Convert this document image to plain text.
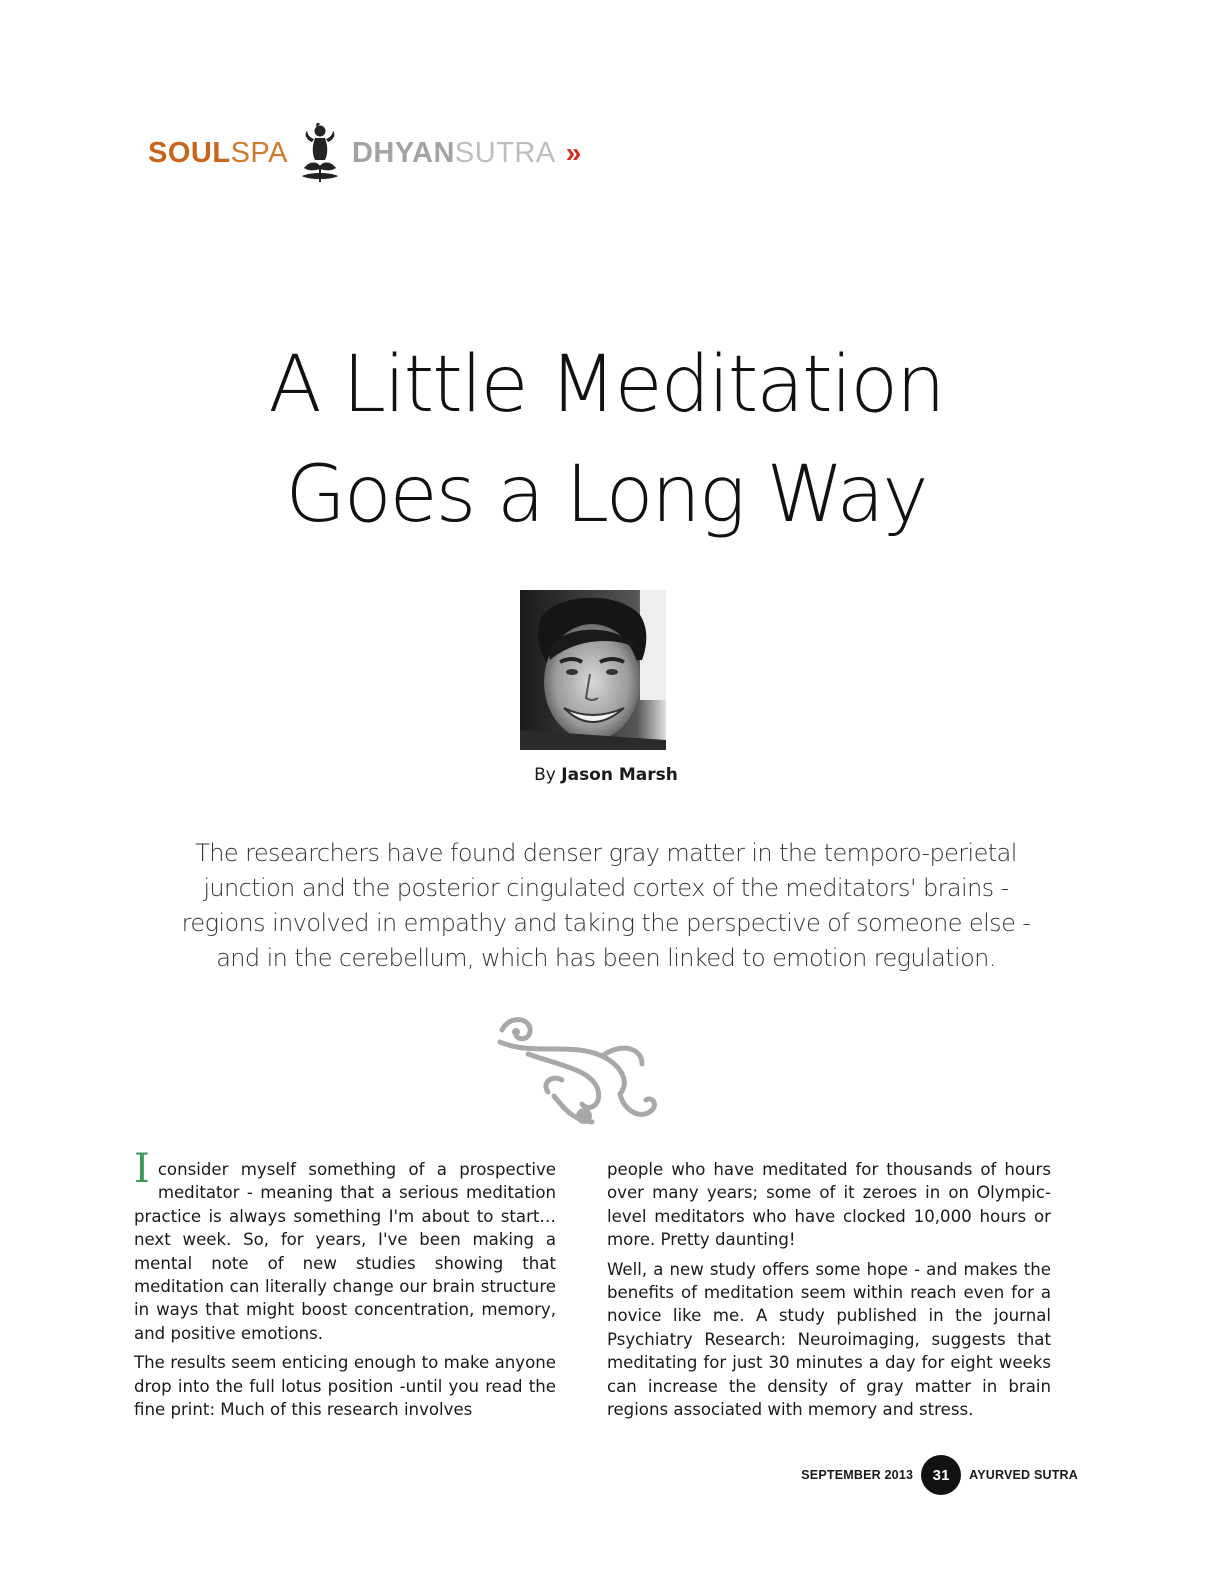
SOUL SPA DHYAN SUTRA »
A Little Meditation
Goes a Long Way
By Jason Marsh

The researchers have found denser gray matter in the temporo-perietal junction and the posterior cingulated cortex of the meditators' brains - regions involved in empathy and taking the perspective of someone else - and in the cerebellum, which has been linked to emotion regulation.

I consider myself something of a prospective meditator - meaning that a serious meditation practice is always something I'm about to start…next week. So, for years, I've been making a mental note of new studies showing that meditation can literally change our brain structure in ways that might boost concentration, memory, and positive emotions.

The results seem enticing enough to make anyone drop into the full lotus position -until you read the fine print: Much of this research involves

people who have meditated for thousands of hours over many years; some of it zeroes in on Olympic-level meditators who have clocked 10,000 hours or more. Pretty daunting!

Well, a new study offers some hope - and makes the benefits of meditation seem within reach even for a novice like me. A study published in the journal Psychiatry Research: Neuroimaging, suggests that meditating for just 30 minutes a day for eight weeks can increase the density of gray matter in brain regions associated with memory and stress.

SEPTEMBER 2013	31	AYURVED SUTRA
